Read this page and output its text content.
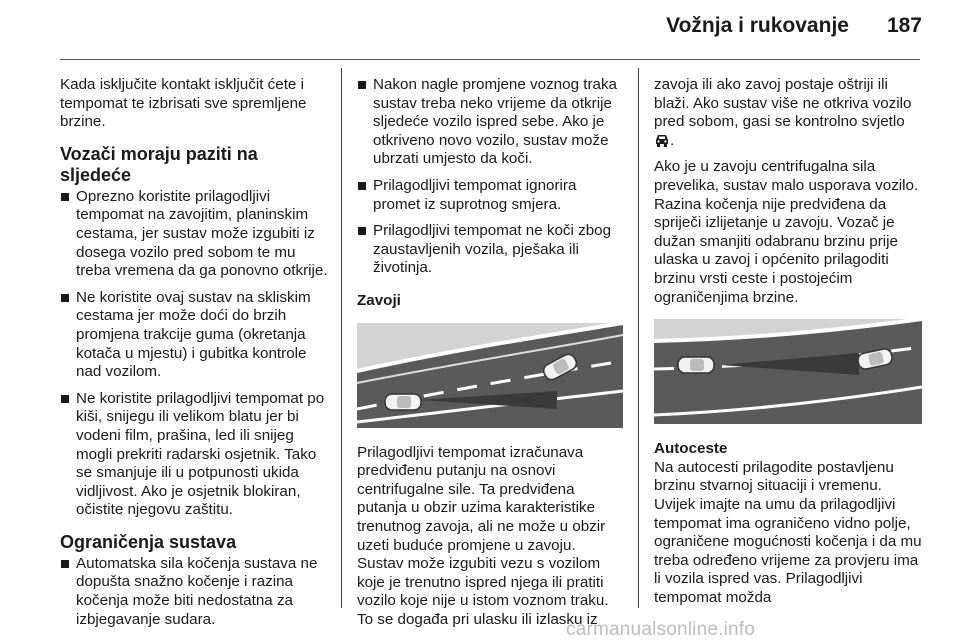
Vožnja i rukovanje 187

Kada isključite kontakt isključit ćete i tempomat te izbrisati sve spremljene brzine.

Vozači moraju paziti na sljedeće
Oprezno koristite prilagodljivi tempomat na zavojitim, planinskim cestama, jer sustav može izgubiti iz dosega vozilo pred sobom te mu treba vremena da ga ponovno otkrije.
Ne koristite ovaj sustav na skliskim cestama jer može doći do brzih promjena trakcije guma (okretanja kotača u mjestu) i gubitka kontrole nad vozilom.
Ne koristite prilagodljivi tempomat po kiši, snijegu ili velikom blatu jer bi vodeni film, prašina, led ili snijeg mogli prekriti radarski osjetnik. Tako se smanjuje ili u potpunosti ukida vidljivost. Ako je osjetnik blokiran, očistite njegovu zaštitu.
Ograničenja sustava
Automatska sila kočenja sustava ne dopušta snažno kočenje i razina kočenja može biti nedostatna za izbjegavanje sudara.
Nakon nagle promjene voznog traka sustav treba neko vrijeme da otkrije sljedeće vozilo ispred sebe. Ako je otkriveno novo vozilo, sustav može ubrzati umjesto da koči.
Prilagodljivi tempomat ignorira promet iz suprotnog smjera.
Prilagodljivi tempomat ne koči zbog zaustavljenih vozila, pješaka ili životinja.
Zavoji

Prilagodljivi tempomat izračunava predviđenu putanju na osnovi centrifugalne sile. Ta predviđena putanja u obzir uzima karakteristike trenutnog zavoja, ali ne može u obzir uzeti buduće promjene u zavoju. Sustav može izgubiti vezu s vozilom koje je trenutno ispred njega ili pratiti vozilo koje nije u istom voznom traku. To se događa pri ulasku ili izlasku iz

zavoja ili ako zavoj postaje oštriji ili blaži. Ako sustav više ne otkriva vozilo pred sobom, gasi se kontrolno svjetlo .

Ako je u zavoju centrifugalna sila prevelika, sustav malo usporava vozilo. Razina kočenja nije predviđena da spriječi izlijetanje u zavoju. Vozač je dužan smanjiti odabranu brzinu prije ulaska u zavoj i općenito prilagoditi brzinu vrsti ceste i postojećim ograničenjima brzine.

Autoceste

Na autocesti prilagodite postavljenu brzinu stvarnoj situaciji i vremenu. Uvijek imajte na umu da prilagodljivi tempomat ima ograničeno vidno polje, ograničene mogućnosti kočenja i da mu treba određeno vrijeme za provjeru ima li vozila ispred vas. Prilagodljivi tempomat možda

carmanualsonline.info
